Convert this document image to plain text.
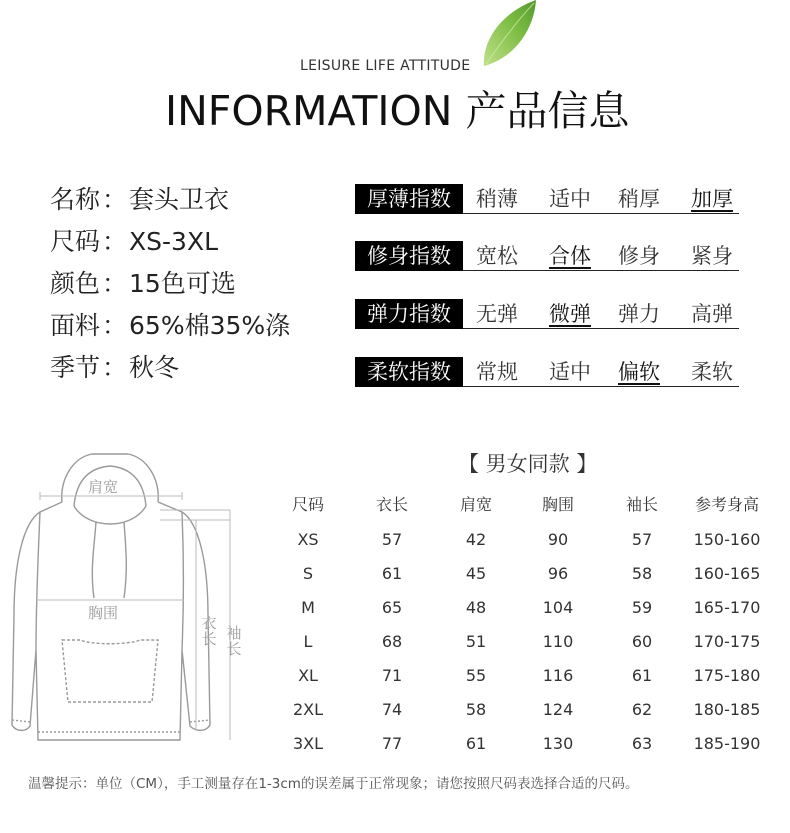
LEISURE LIFE ATTITUDE
INFORMATION 产品信息
名称：套头卫衣
尺码：XS-3XL
颜色：15色可选
面料：65%棉35%涤
季节：秋冬
厚薄指数	稍薄	适中	稍厚	加厚
修身指数	宽松	合体	修身	紧身
弹力指数	无弹	微弹	弹力	高弹
柔软指数	常规	适中	偏软	柔软
肩宽
胸围
衣长 袖长
【 男女同款 】
尺码	衣长	肩宽	胸围	袖长	参考身高
XS	57	42	90	57	150-160
S	61	45	96	58	160-165
M	65	48	104	59	165-170
L	68	51	110	60	170-175
XL	71	55	116	61	175-180
2XL	74	58	124	62	180-185
3XL	77	61	130	63	185-190
温馨提示：单位（CM），手工测量存在1-3cm的误差属于正常现象；请您按照尺码表选择合适的尺码。
